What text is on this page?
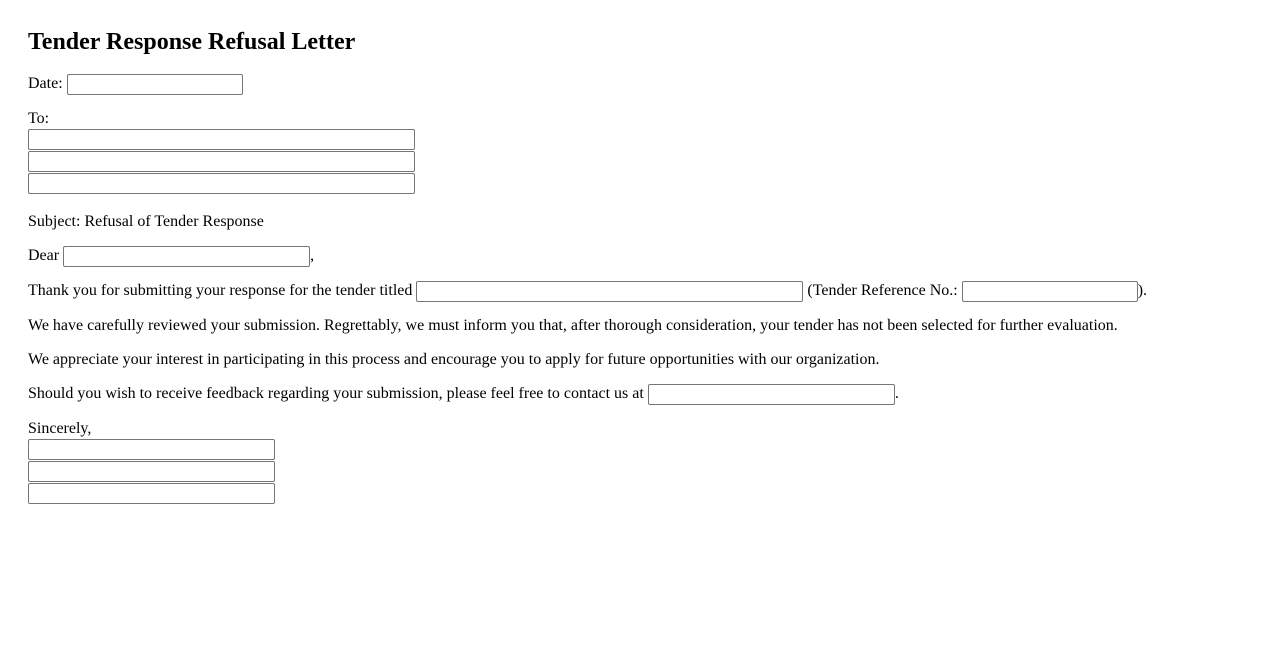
Tender Response Refusal Letter
Date:
To:
Subject: Refusal of Tender Response
Dear	,
Thank you for submitting your response for the tender titled	(Tender Reference No.:	).
We have carefully reviewed your submission. Regrettably, we must inform you that, after thorough consideration, your tender has not been selected for further evaluation.
We appreciate your interest in participating in this process and encourage you to apply for future opportunities with our organization.
Should you wish to receive feedback regarding your submission, please feel free to contact us at	.
Sincerely,
